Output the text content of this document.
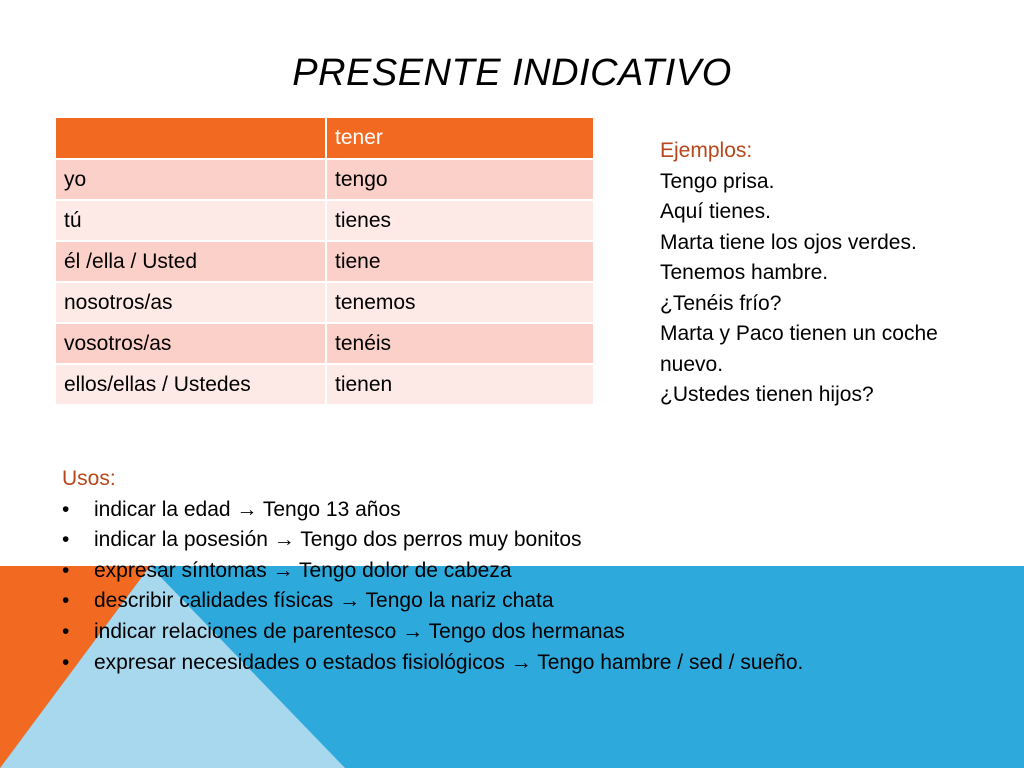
PRESENTE INDICATIVO
	tener
yo	tengo
tú	tienes
él /ella / Usted	tiene
nosotros/as	tenemos
vosotros/as	tenéis
ellos/ellas / Ustedes	tienen
Ejemplos:
Tengo prisa.
Aquí tienes.
Marta tiene los ojos verdes.
Tenemos hambre.
¿Tenéis frío?
Marta y Paco tienen un coche
nuevo.
¿Ustedes tienen hijos?
Usos:
• indicar la edad → Tengo 13 años
• indicar la posesión → Tengo dos perros muy bonitos
• expresar síntomas → Tengo dolor de cabeza
• describir calidades físicas → Tengo la nariz chata
• indicar relaciones de parentesco → Tengo dos hermanas
• expresar necesidades o estados fisiológicos → Tengo hambre / sed / sueño.
